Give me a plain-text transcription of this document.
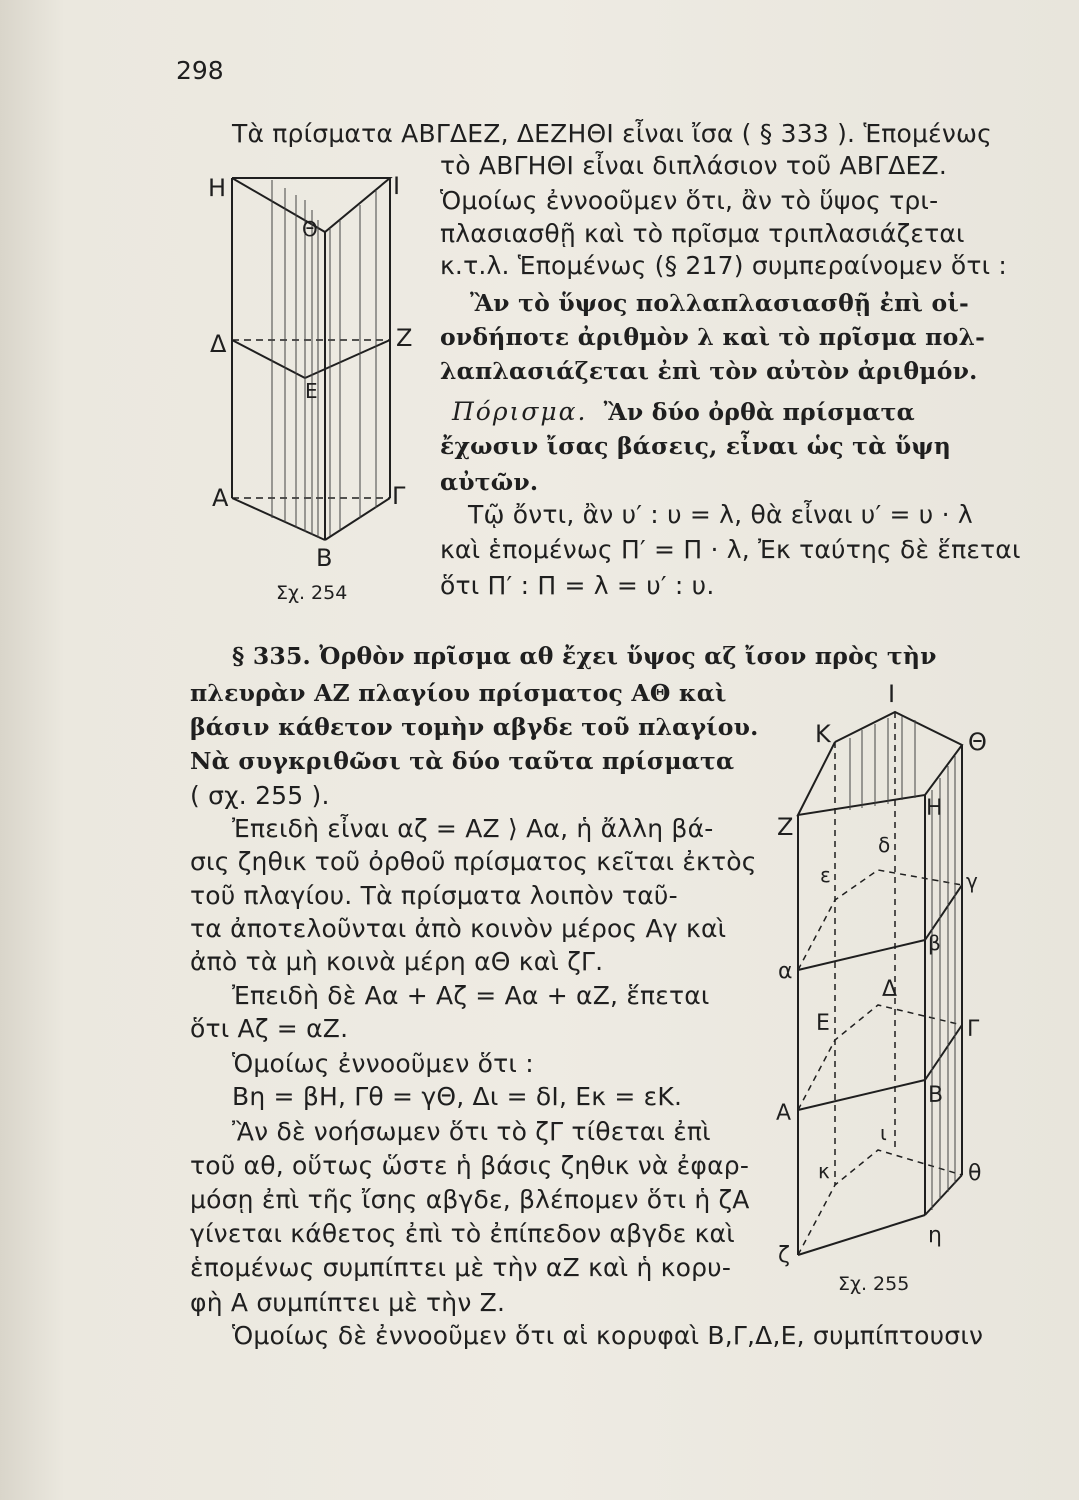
298
Τὰ πρίσματα ΑΒΓΔΕΖ, ΔΕΖΗΘΙ εἶναι ἴσα ( § 333 ). Ἑπομένως
τὸ ΑΒΓΗΘΙ εἶναι διπλάσιον τοῦ ΑΒΓΔΕΖ.
Ὁμοίως ἐννοοῦμεν ὅτι, ἂν τὸ ὕψος τρι-
πλασιασθῇ καὶ τὸ πρῖσμα τριπλασιάζεται
κ.τ.λ. Ἑπομένως (§ 217) συμπεραίνομεν ὅτι :
Ἂν τὸ ὕψος πολλαπλασιασθῇ ἐπὶ οἱ-
ονδήποτε ἀριθμὸν λ καὶ τὸ πρῖσμα πολ-
λαπλασιάζεται ἐπὶ τὸν αὐτὸν ἀριθμόν.
Πόρισμα. Ἂν δύο ὀρθὰ πρίσματα
ἔχωσιν ἴσας βάσεις, εἶναι ὡς τὰ ὕψη
αὐτῶν.
Τῷ ὄντι, ἂν υ′ : υ = λ, θὰ εἶναι υ′ = υ · λ
καὶ ἑπομένως Π′ = Π · λ, Ἐκ ταύτης δὲ ἕπεται
ὅτι Π′ : Π = λ = υ′ : υ.
§ 335. Ὀρθὸν πρῖσμα αθ ἔχει ὕψος αζ ἴσον πρὸς τὴν
πλευρὰν ΑΖ πλαγίου πρίσματος ΑΘ καὶ
βάσιν κάθετον τομὴν αβγδε τοῦ πλαγίου.
Νὰ συγκριθῶσι τὰ δύο ταῦτα πρίσματα
( σχ. 255 ).
Ἐπειδὴ εἶναι αζ = ΑΖ ⟩ Αα, ἡ ἄλλη βά-
σις ζηθικ τοῦ ὀρθοῦ πρίσματος κεῖται ἐκτὸς
τοῦ πλαγίου. Τὰ πρίσματα λοιπὸν ταῦ-
τα ἀποτελοῦνται ἀπὸ κοινὸν μέρος Αγ καὶ
ἀπὸ τὰ μὴ κοινὰ μέρη αΘ καὶ ζΓ.
Ἐπειδὴ δὲ Αα + Αζ = Αα + αΖ, ἕπεται
ὅτι Αζ = αΖ.
Ὁμοίως ἐννοοῦμεν ὅτι :
Βη = βΗ, Γθ = γΘ, Δι = δΙ, Εκ = εΚ.
Ἂν δὲ νοήσωμεν ὅτι τὸ ζΓ τίθεται ἐπὶ
τοῦ αθ, οὕτως ὥστε ἡ βάσις ζηθικ νὰ ἐφαρ-
μόσῃ ἐπὶ τῆς ἴσης αβγδε, βλέπομεν ὅτι ἡ ζΑ
γίνεται κάθετος ἐπὶ τὸ ἐπίπεδον αβγδε καὶ
ἑπομένως συμπίπτει μὲ τὴν αΖ καὶ ἡ κορυ-
φὴ Α συμπίπτει μὲ τὴν Ζ.
Ὁμοίως δὲ ἐννοοῦμεν ὅτι αἱ κορυφαὶ Β,Γ,Δ,Ε, συμπίπτουσιν
Η	Ι
Θ
Δ	Ζ
Ε
Α	Γ
Β
Σχ. 254
Ι
Κ	Θ
Η
Ζ
δ
ε	γ
β
α
Δ
Ε	Γ
Β
Α
ι
κ	θ
ζ
η
Σχ. 255
